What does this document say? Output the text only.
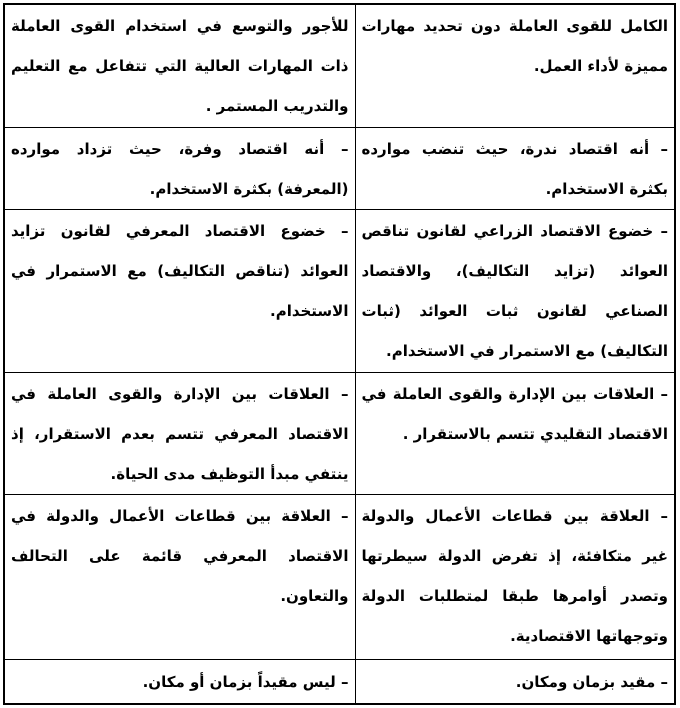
الكامل للقوى العاملة دون تحديد مهارات مميزة لأداء العمل.	للأجور والتوسع في استخدام القوى العاملة ذات المهارات العالية التي تتفاعل مع التعليم والتدريب المستمر .
– أنه اقتصاد ندرة، حيث تنضب موارده بكثرة الاستخدام.	– أنه اقتصاد وفرة، حيث تزداد موارده (المعرفة) بكثرة الاستخدام.
– خضوع الاقتصاد الزراعي لقانون تناقص العوائد (تزايد التكاليف)، والاقتصاد الصناعي لقانون ثبات العوائد (ثبات التكاليف) مع الاستمرار في الاستخدام.	– خضوع الاقتصاد المعرفي لقانون تزايد العوائد (تناقص التكاليف) مع الاستمرار في الاستخدام.
– العلاقات بين الإدارة والقوى العاملة في الاقتصاد التقليدي تتسم بالاستقرار .	– العلاقات بين الإدارة والقوى العاملة في الاقتصاد المعرفي تتسم بعدم الاستقرار، إذ ينتفي مبدأ التوظيف مدى الحياة.
– العلاقة بين قطاعات الأعمال والدولة غير متكافئة، إذ تفرض الدولة سيطرتها وتصدر أوامرها طبقا لمتطلبات الدولة وتوجهاتها الاقتصادية.	– العلاقة بين قطاعات الأعمال والدولة في الاقتصاد المعرفي قائمة على التحالف والتعاون.
– مقيد بزمان ومكان.	– ليس مقيداً بزمان أو مكان.
